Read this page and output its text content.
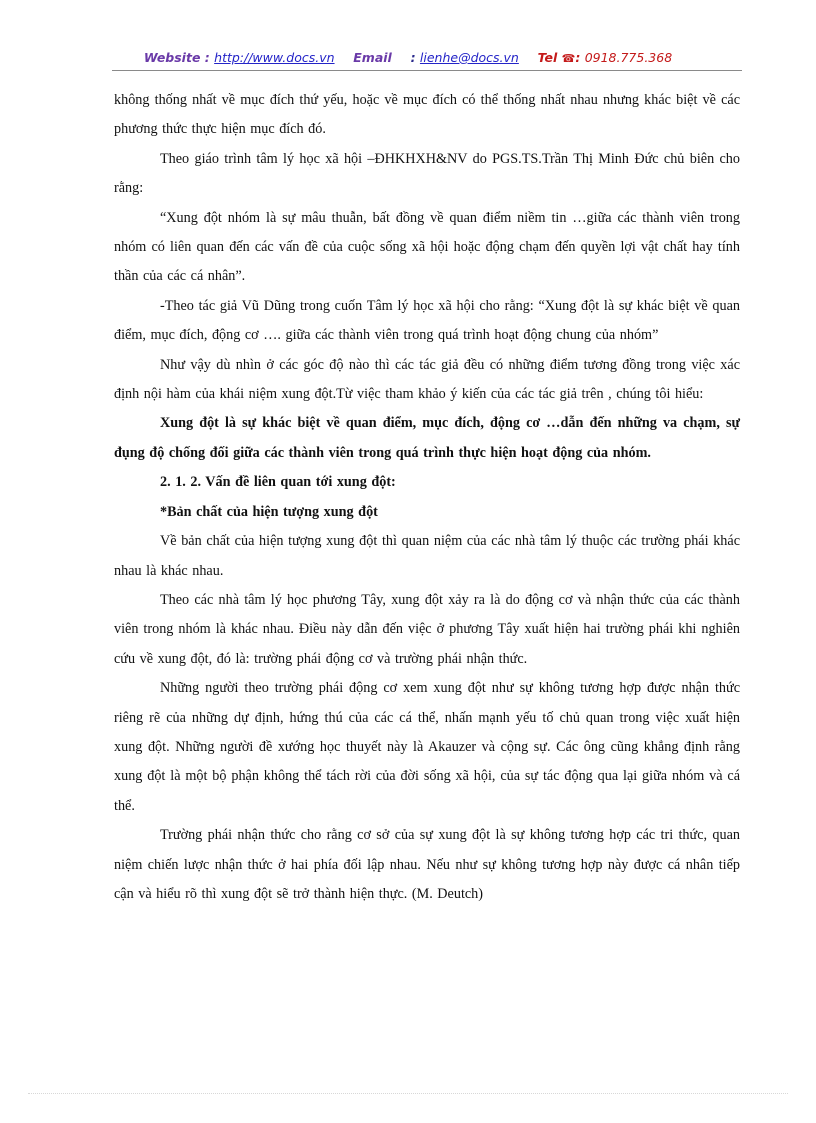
Website : http://www.docs.vn Email : lienhe@docs.vn Tel ☎: 0918.775.368

không thống nhất về mục đích thứ yếu, hoặc về mục đích có thể thống nhất nhau nhưng khác biệt về các phương thức thực hiện mục đích đó.

Theo giáo trình tâm lý học xã hội –ĐHKHXH&NV do PGS.TS.Trần Thị Minh Đức chủ biên cho rằng:

“Xung đột nhóm là sự mâu thuẫn, bất đồng về quan điểm niềm tin …giữa các thành viên trong nhóm có liên quan đến các vấn đề của cuộc sống xã hội hoặc động chạm đến quyền lợi vật chất hay tính thần của các cá nhân”.

-Theo tác giả Vũ Dũng trong cuốn Tâm lý học xã hội cho rằng: “Xung đột là sự khác biệt về quan điểm, mục đích, động cơ …. giữa các thành viên trong quá trình hoạt động chung của nhóm”

Như vậy dù nhìn ở các góc độ nào thì các tác giả đều có những điểm tương đồng trong việc xác định nội hàm của khái niệm xung đột.Từ việc tham khảo ý kiến của các tác giả trên , chúng tôi hiểu:

Xung đột là sự khác biệt về quan điểm, mục đích, động cơ …dẫn đến những va chạm, sự đụng độ chống đối giữa các thành viên trong quá trình thực hiện hoạt động của nhóm.

2. 1. 2. Vấn đề liên quan tới xung đột:

*Bản chất của hiện tượng xung đột

Về bản chất của hiện tượng xung đột thì quan niệm của các nhà tâm lý thuộc các trường phái khác nhau là khác nhau.

Theo các nhà tâm lý học phương Tây, xung đột xảy ra là do động cơ và nhận thức của các thành viên trong nhóm là khác nhau. Điều này dẫn đến việc ở phương Tây xuất hiện hai trường phái khi nghiên cứu về xung đột, đó là: trường phái động cơ và trường phái nhận thức.

Những người theo trường phái động cơ xem xung đột như sự không tương hợp được nhận thức riêng rẽ của những dự định, hứng thú của các cá thể, nhấn mạnh yếu tố chủ quan trong việc xuất hiện xung đột. Những người đề xướng học thuyết này là Akauzer và cộng sự. Các ông cũng khẳng định rằng xung đột là một bộ phận không thể tách rời của đời sống xã hội, của sự tác động qua lại giữa nhóm và cá thể.

Trường phái nhận thức cho rằng cơ sở của sự xung đột là sự không tương hợp các tri thức, quan niệm chiến lược nhận thức ở hai phía đối lập nhau. Nếu như sự không tương hợp này được cá nhân tiếp cận và hiểu rõ thì xung đột sẽ trở thành hiện thực. (M. Deutch)
